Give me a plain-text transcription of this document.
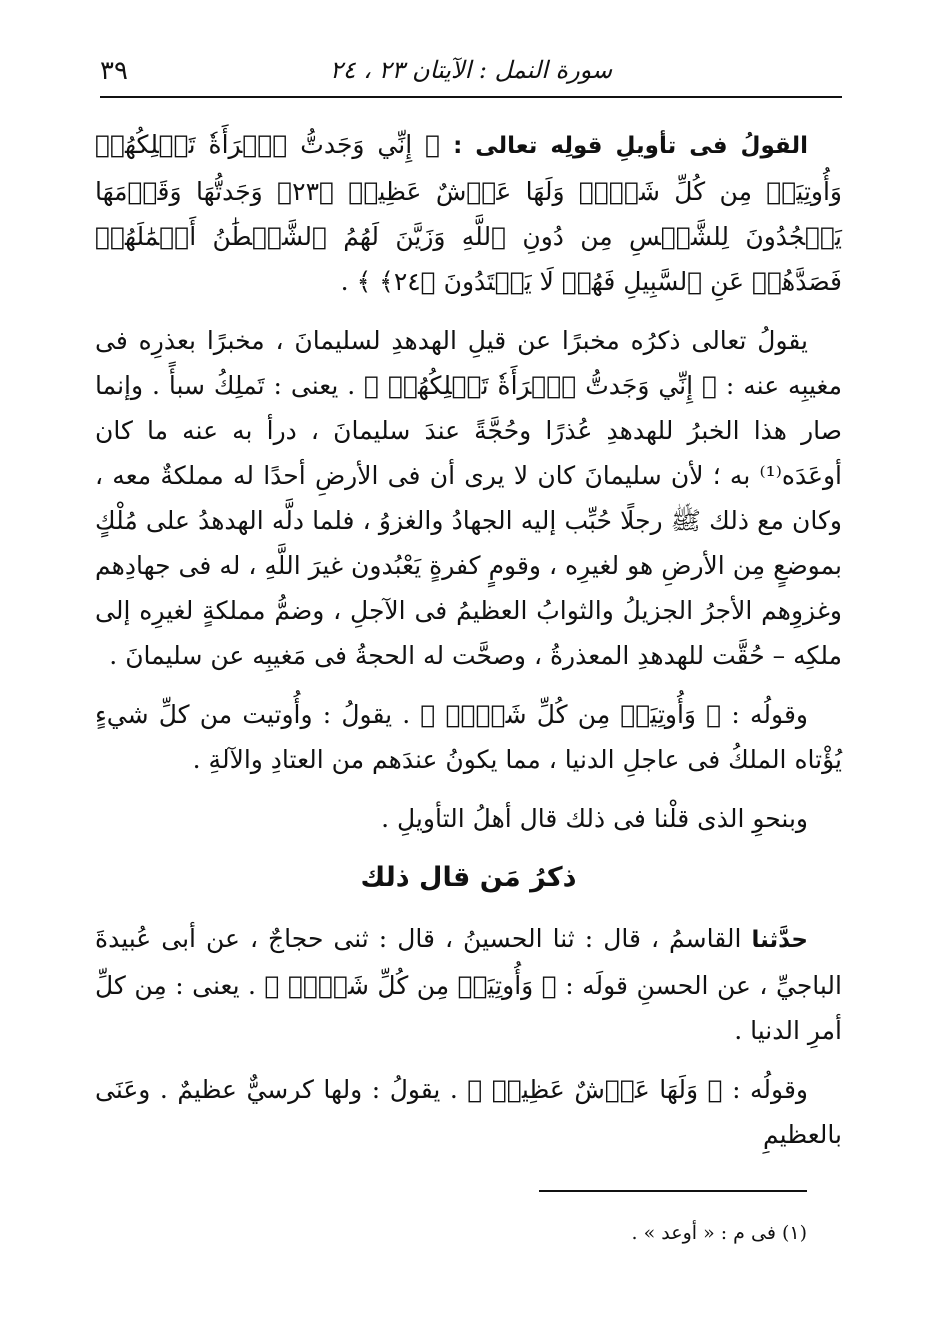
٣٩	سورة النمل : الآيتان ٢٣ ، ٢٤

القولُ فى تأويلِ قولِه تعالى : ﴿ إِنِّي وَجَدتُّ ٱمۡرَأَةٗ تَمۡلِكُهُمۡ وَأُوتِيَتۡ مِن كُلِّ شَيۡءٖ وَلَهَا عَرۡشٌ عَظِيمٞ ﴿٢٣﴾ وَجَدتُّهَا وَقَوۡمَهَا يَسۡجُدُونَ لِلشَّمۡسِ مِن دُونِ ٱللَّهِ وَزَيَّنَ لَهُمُ ٱلشَّيۡطَٰنُ أَعۡمَٰلَهُمۡ فَصَدَّهُمۡ عَنِ ٱلسَّبِيلِ فَهُمۡ لَا يَهۡتَدُونَ ﴿٢٤﴾ ﴾ .

يقولُ تعالى ذكرُه مخبرًا عن قيلِ الهدهدِ لسليمانَ ، مخبرًا بعذرِه فى مغيبِه عنه : ﴿ إِنِّي وَجَدتُّ ٱمۡرَأَةٗ تَمۡلِكُهُمۡ ﴾ . يعنى : تَملِكُ سبأً . وإنما صار هذا الخبرُ للهدهدِ عُذرًا وحُجَّةً عندَ سليمانَ ، درأ به عنه ما كان أوعَدَه⁽¹⁾ به ؛ لأن سليمانَ كان لا يرى أن فى الأرضِ أحدًا له مملكةٌ معه ، وكان مع ذلك ﷺ رجلًا حُبِّب إليه الجهادُ والغزوُ ، فلما دلَّه الهدهدُ على مُلْكٍ بموضعٍ مِن الأرضِ هو لغيرِه ، وقومٍ كفرةٍ يَعْبُدون غيرَ اللَّهِ ، له فى جهادِهم وغزوِهم الأجرُ الجزيلُ والثوابُ العظيمُ فى الآجلِ ، وضمُّ مملكةٍ لغيرِه إلى ملكِه – حُقَّت للهدهدِ المعذرةُ ، وصحَّت له الحجةُ فى مَغيبِه عن سليمانَ .

وقولُه : ﴿ وَأُوتِيَتۡ مِن كُلِّ شَيۡءٖ ﴾ . يقولُ : وأُوتيت من كلِّ شيءٍ يُؤْتاه الملكُ فى عاجلِ الدنيا ، مما يكونُ عندَهم من العتادِ والآلةِ .

وبنحوِ الذى قلْنا فى ذلك قال أهلُ التأويلِ .

ذكرُ مَن قال ذلك

حدَّثنا القاسمُ ، قال : ثنا الحسينُ ، قال : ثنى حجاجٌ ، عن أبى عُبيدةَ الباجيِّ ، عن الحسنِ قولَه : ﴿ وَأُوتِيَتۡ مِن كُلِّ شَيۡءٖ ﴾ . يعنى : مِن كلِّ أمرِ الدنيا .

وقولُه : ﴿ وَلَهَا عَرۡشٌ عَظِيمٞ ﴾ . يقولُ : ولها كرسيٌّ عظيمٌ . وعَنَى بالعظيمِ

(١) فى م : « أوعد » .
